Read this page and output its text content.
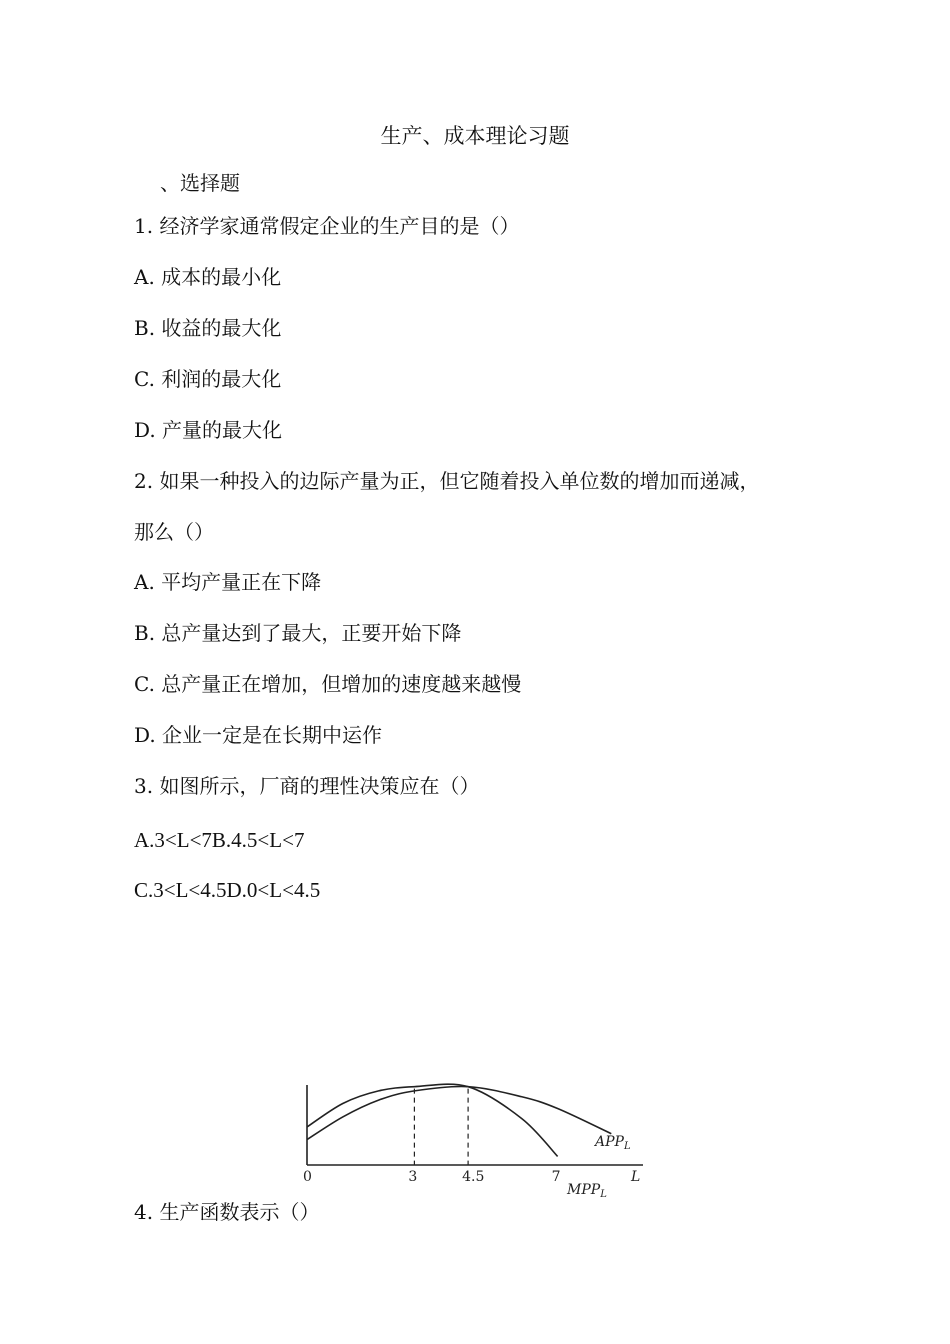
生产、成本理论习题
、选择题
1. 经济学家通常假定企业的生产目的是（）
A. 成本的最小化
B. 收益的最大化
C. 利润的最大化
D. 产量的最大化
2. 如果一种投入的边际产量为正，但它随着投入单位数的增加而递减，
那么（）
A. 平均产量正在下降
B. 总产量达到了最大，正要开始下降
C. 总产量正在增加，但增加的速度越来越慢
D. 企业一定是在长期中运作
3. 如图所示，厂商的理性决策应在（）
A.3<L<7B.4.5<L<7
C.3<L<4.5D.0<L<4.5
0	3	4.5	7	L
$APP_L$
$MPP_L$
4. 生产函数表示（）
